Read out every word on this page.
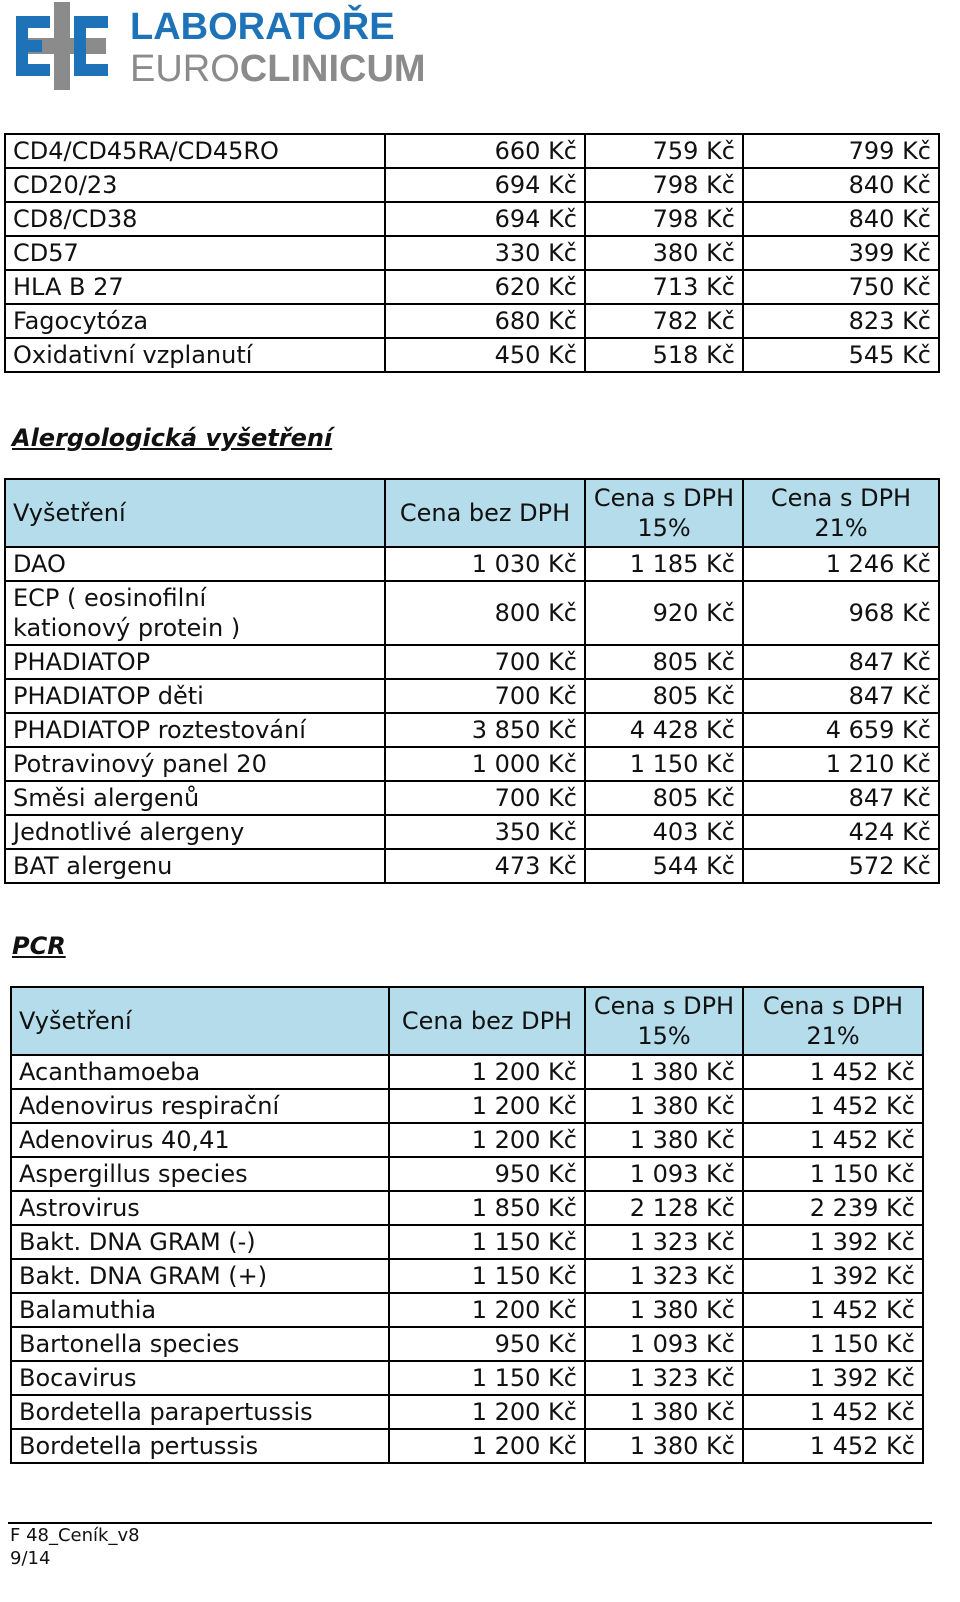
LABORATOŘE
EUROCLINICUM
CD4/CD45RA/CD45RO	660 Kč	759 Kč	799 Kč
CD20/23	694 Kč	798 Kč	840 Kč
CD8/CD38	694 Kč	798 Kč	840 Kč
CD57	330 Kč	380 Kč	399 Kč
HLA B 27	620 Kč	713 Kč	750 Kč
Fagocytóza	680 Kč	782 Kč	823 Kč
Oxidativní vzplanutí	450 Kč	518 Kč	545 Kč
Alergologická vyšetření
Vyšetření	Cena bez DPH	Cena s DPH 15%	Cena s DPH 21%
DAO	1 030 Kč	1 185 Kč	1 246 Kč
ECP ( eosinofilní kationový protein )	800 Kč	920 Kč	968 Kč
PHADIATOP	700 Kč	805 Kč	847 Kč
PHADIATOP děti	700 Kč	805 Kč	847 Kč
PHADIATOP roztestování	3 850 Kč	4 428 Kč	4 659 Kč
Potravinový panel 20	1 000 Kč	1 150 Kč	1 210 Kč
Směsi alergenů	700 Kč	805 Kč	847 Kč
Jednotlivé alergeny	350 Kč	403 Kč	424 Kč
BAT alergenu	473 Kč	544 Kč	572 Kč
PCR
Vyšetření	Cena bez DPH	Cena s DPH 15%	Cena s DPH 21%
Acanthamoeba	1 200 Kč	1 380 Kč	1 452 Kč
Adenovirus respirační	1 200 Kč	1 380 Kč	1 452 Kč
Adenovirus 40,41	1 200 Kč	1 380 Kč	1 452 Kč
Aspergillus species	950 Kč	1 093 Kč	1 150 Kč
Astrovirus	1 850 Kč	2 128 Kč	2 239 Kč
Bakt. DNA GRAM (-)	1 150 Kč	1 323 Kč	1 392 Kč
Bakt. DNA GRAM (+)	1 150 Kč	1 323 Kč	1 392 Kč
Balamuthia	1 200 Kč	1 380 Kč	1 452 Kč
Bartonella species	950 Kč	1 093 Kč	1 150 Kč
Bocavirus	1 150 Kč	1 323 Kč	1 392 Kč
Bordetella parapertussis	1 200 Kč	1 380 Kč	1 452 Kč
Bordetella pertussis	1 200 Kč	1 380 Kč	1 452 Kč
F 48_Ceník_v8
9/14
